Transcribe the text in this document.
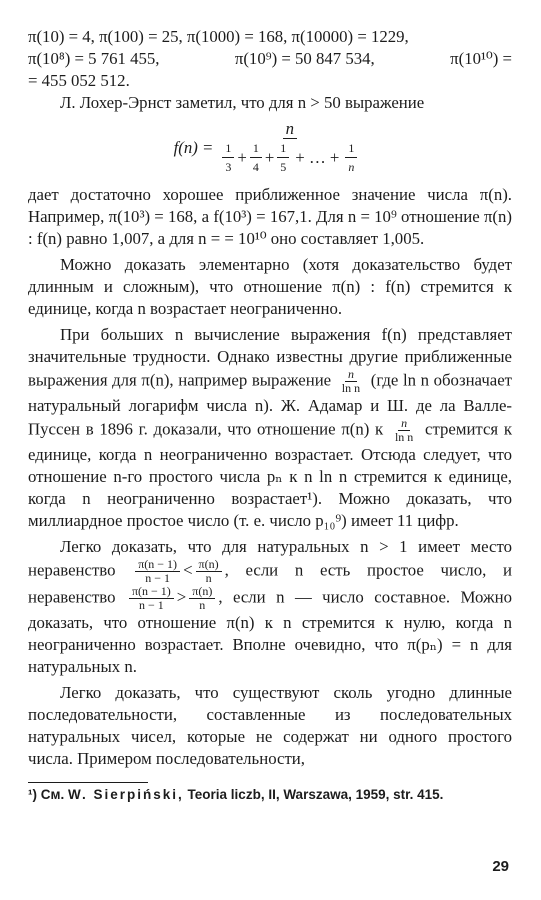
π(10) = 4, π(100) = 25, π(1000) = 168, π(10000) = 1229,
π(10⁸) = 5 761 455,	π(10⁹) = 50 847 534,	π(10¹⁰) =
= 455 052 512.

Л. Лохер-Эрнст заметил, что для n > 50 выражение

f(n) =
n
$\frac{1}{3} + \frac{1}{4} + \frac{1}{5}$ + … + $\frac{1}{n}$

дает достаточно хорошее приближенное значение числа π(n). Например, π(10³) = 168, а f(10³) = 167,1. Для n = 10⁹ отношение π(n) : f(n) равно 1,007, а для n = = 10¹⁰ оно составляет 1,005.

Можно доказать элементарно (хотя доказательство будет длинным и сложным), что отношение π(n) : f(n) стремится к единице, когда n возрастает неограниченно.

При больших n вычисление выражения f(n) представляет значительные трудности. Однако известны другие приближенные выражения для π(n), например выражение $\frac{n}{\text{ln n}} (где$ ln n обозначает натуральный логарифм числа n). Ж. Адамар и Ш. де ла Валле-Пуссен в 1896 г. доказали, что отношение π(n) к $\frac{n}{\text{ln n}}$ стремится к единице, когда n неограниченно возрастает. Отсюда следует, что отношение n-го простого числа pₙ к n ln n стремится к единице, когда n неограниченно возрастает¹). Можно доказать, что миллиардное простое число (т. е. число p₁₀⁹) имеет 11 цифр.

Легко доказать, что для натуральных n > 1 имеет место неравенство $\frac{\pi(n - 1)}{n - 1} < \frac{\pi(n)}{n}$ , если n есть простое число, и неравенство $\frac{\pi(n - 1)}{n - 1} > \frac{\pi(n)}{n}$ , если n — число составное. Можно доказать, что отношение π(n) к n стремится к нулю, когда n неограниченно возрастает. Вполне очевидно, что π(pₙ) = n для натуральных n.

Легко доказать, что существуют сколь угодно длинные последовательности, составленные из последовательных натуральных чисел, которые не содержат ни одного простого числа. Примером последовательности,

¹) См. W. Sierpiński, Teoria liczb, II, Warszawa, 1959, str. 415.
29
